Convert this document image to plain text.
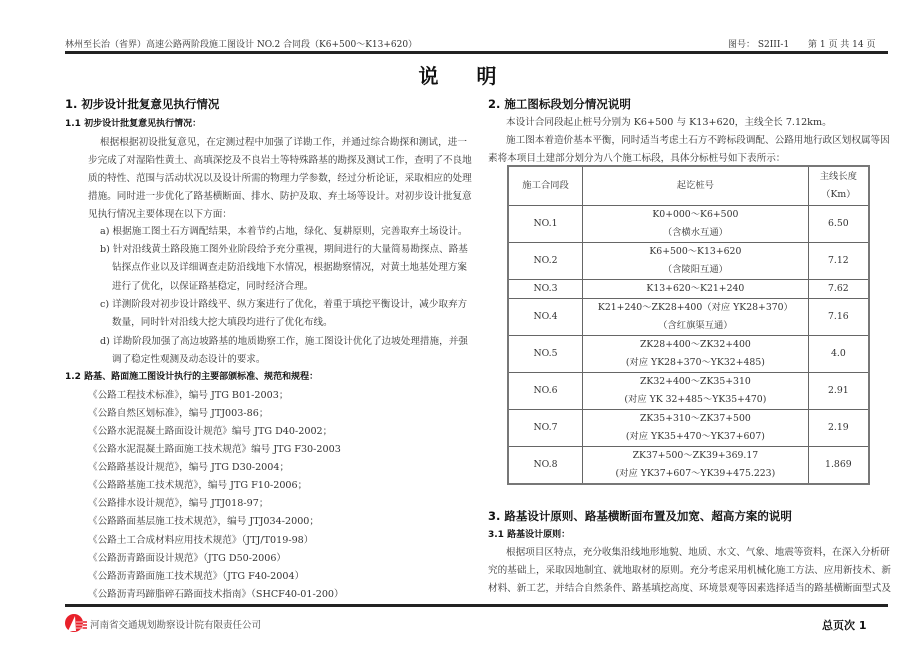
林州至长治（省界）高速公路两阶段施工图设计 NO.2 合同段（K6+500～K13+620）	图号： S2III-1 第 1 页 共 14 页
说明
1. 初步设计批复意见执行情况
1.1 初步设计批复意见执行情况：
根据根据初设批复意见，在定测过程中加强了详勘工作，并通过综合勘探和测试，进一
步完成了对湿陷性黄土、高填深挖及不良岩土等特殊路基的勘探及测试工作，查明了不良地
质的特性、范围与活动状况以及设计所需的物理力学参数，经过分析论证，采取相应的处理
措施。同时进一步优化了路基横断面、排水、防护及取、弃土场等设计。对初步设计批复意
见执行情况主要体现在以下方面：
a) 根据施工图土石方调配结果，本着节约占地，绿化、复耕原则，完善取弃土场设计。
b) 针对沿线黄土路段施工图外业阶段给予充分重视，期间进行的大量简易勘探点、路基
钻探点作业以及详细调查走防沿线地下水情况，根据勘察情况，对黄土地基处理方案
进行了优化，以保证路基稳定，同时经济合理。
c) 详测阶段对初步设计路线平、纵方案进行了优化，着重于填挖平衡设计，减少取弃方
数量，同时针对沿线大挖大填段均进行了优化布线。
d) 详勘阶段加强了高边坡路基的地质勘察工作，施工图设计优化了边坡处理措施，并强
调了稳定性观测及动态设计的要求。
1.2 路基、路面施工图设计执行的主要部颁标准、规范和规程：
《公路工程技术标准》，编号 JTG B01-2003；
《公路自然区划标准》，编号 JTJ003-86；
《公路水泥混凝土路面设计规范》编号 JTG D40-2002；
《公路水泥混凝土路面施工技术规范》编号 JTG F30-2003
《公路路基设计规范》，编号 JTG D30-2004；
《公路路基施工技术规范》，编号 JTG F10-2006；
《公路排水设计规范》，编号 JTJ018-97；
《公路路面基层施工技术规范》，编号 JTJ034-2000；
《公路土工合成材料应用技术规范》（JTJ/T019-98）
《公路沥青路面设计规范》（JTG D50-2006）
《公路沥青路面施工技术规范》（JTG F40-2004）
《公路沥青玛蹄脂碎石路面技术指南》（SHCF40-01-200）
2. 施工图标段划分情况说明
本设计合同段起止桩号分别为 K6+500 与 K13+620，主线全长 7.12km。
施工图本着造价基本平衡，同时适当考虑土石方不跨标段调配、公路用地行政区划权属等因
素将本项目土建部分划分为八个施工标段，具体分标桩号如下表所示：
施工合同段	起讫桩号	主线长度
（Km）
NO.1	K0+000～K6+500
（含横水互通）	6.50
NO.2	K6+500～K13+620
（含陵阳互通）	7.12
NO.3	K13+620～K21+240	7.62
NO.4	K21+240～ZK28+400（对应 YK28+370）
（含红旗渠互通）	7.16
NO.5	ZK28+400～ZK32+400
(对应 YK28+370～YK32+485)	4.0
NO.6	ZK32+400～ZK35+310
(对应 YK 32+485～YK35+470)	2.91
NO.7	ZK35+310～ZK37+500
(对应 YK35+470～YK37+607)	2.19
NO.8	ZK37+500～ZK39+369.17
(对应 YK37+607～YK39+475.223)	1.869
3. 路基设计原则、路基横断面布置及加宽、超高方案的说明
3.1 路基设计原则：
根据项目区特点，充分收集沿线地形地貌、地质、水文、气象、地震等资料，在深入分析研
究的基础上，采取因地制宜、就地取材的原则。充分考虑采用机械化施工方法、应用新技术、新
材料、新工艺，并结合自然条件、路基填挖高度、环境景观等因素选择适当的路基横断面型式及
河南省交通规划勘察设计院有限责任公司	总页次 1
